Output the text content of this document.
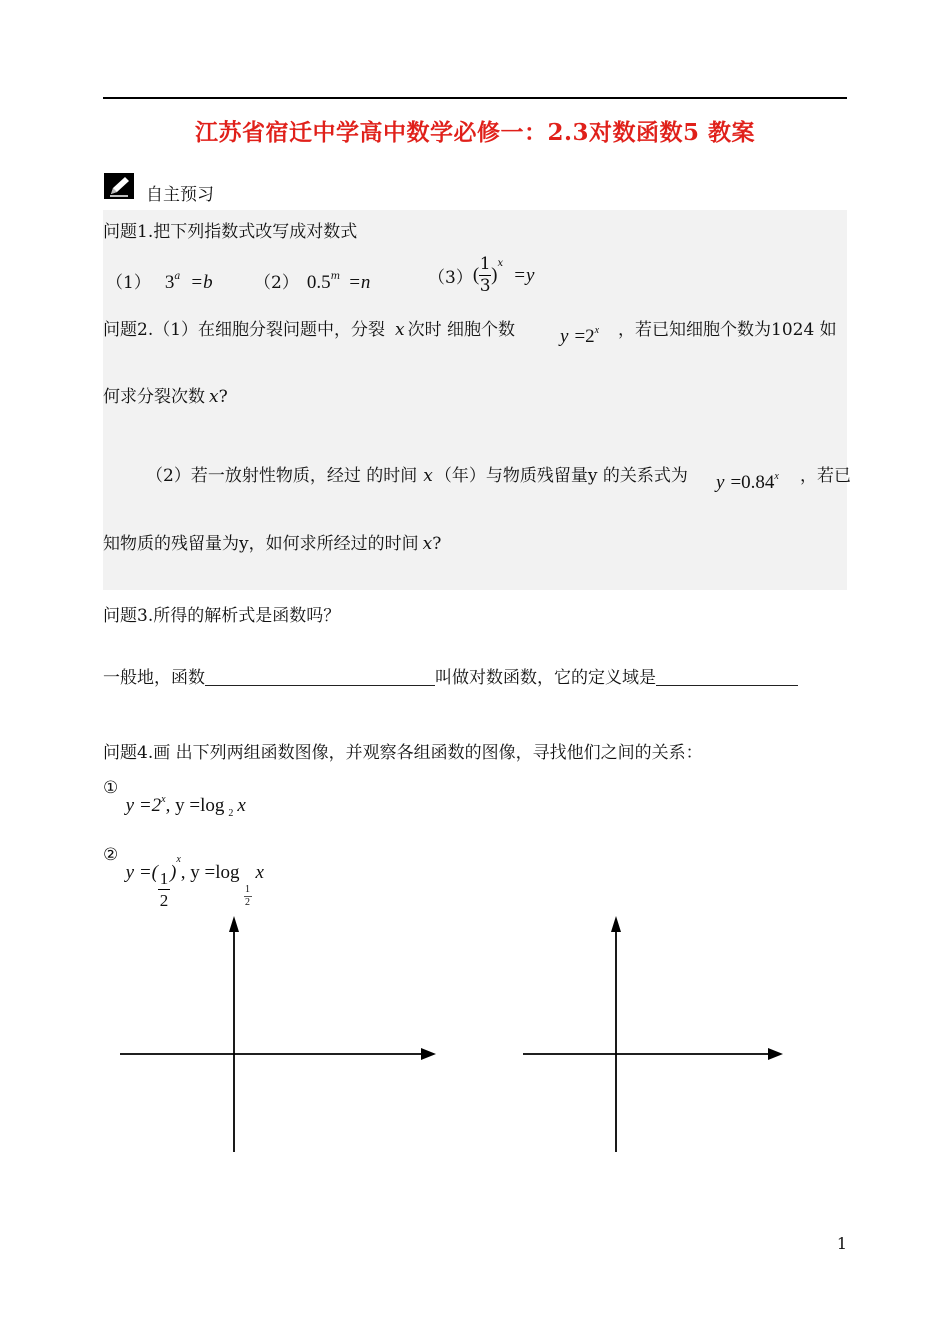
江苏省宿迁中学高中数学必修一：2.3对数函数5 教案
自主预习
问题1.把下列指数式改写成对数式
（1） $3^a =b$ （2） $0.5^m =n$	$(3)( \frac{1}{3} )^x=y$
问题2.（1）在细胞分裂问题中，分裂 x 次时 细胞个数 $y =2^x$ ，若已知细胞个数为1024 如
何求分裂次数 x?
（2）若一放射性物质，经过 的时间 x （年）与物质残留量y 的关系式为 $y =0.84^x$ ，若已
知物质的残留量为y，如何求所经过的时间 x?
问题3.所得的解析式是函数吗？
一般地，函数	叫做对数函数，它的定义域是
问题4.画 出下列两组函数图像，并观察各组函数的图像，寻找他们之间的关系：
① $y =2^x$, y =log $_2$ x
② y =( $\frac{1}{2} )^x$, y =log
$\frac{1}{2}$
x
1
